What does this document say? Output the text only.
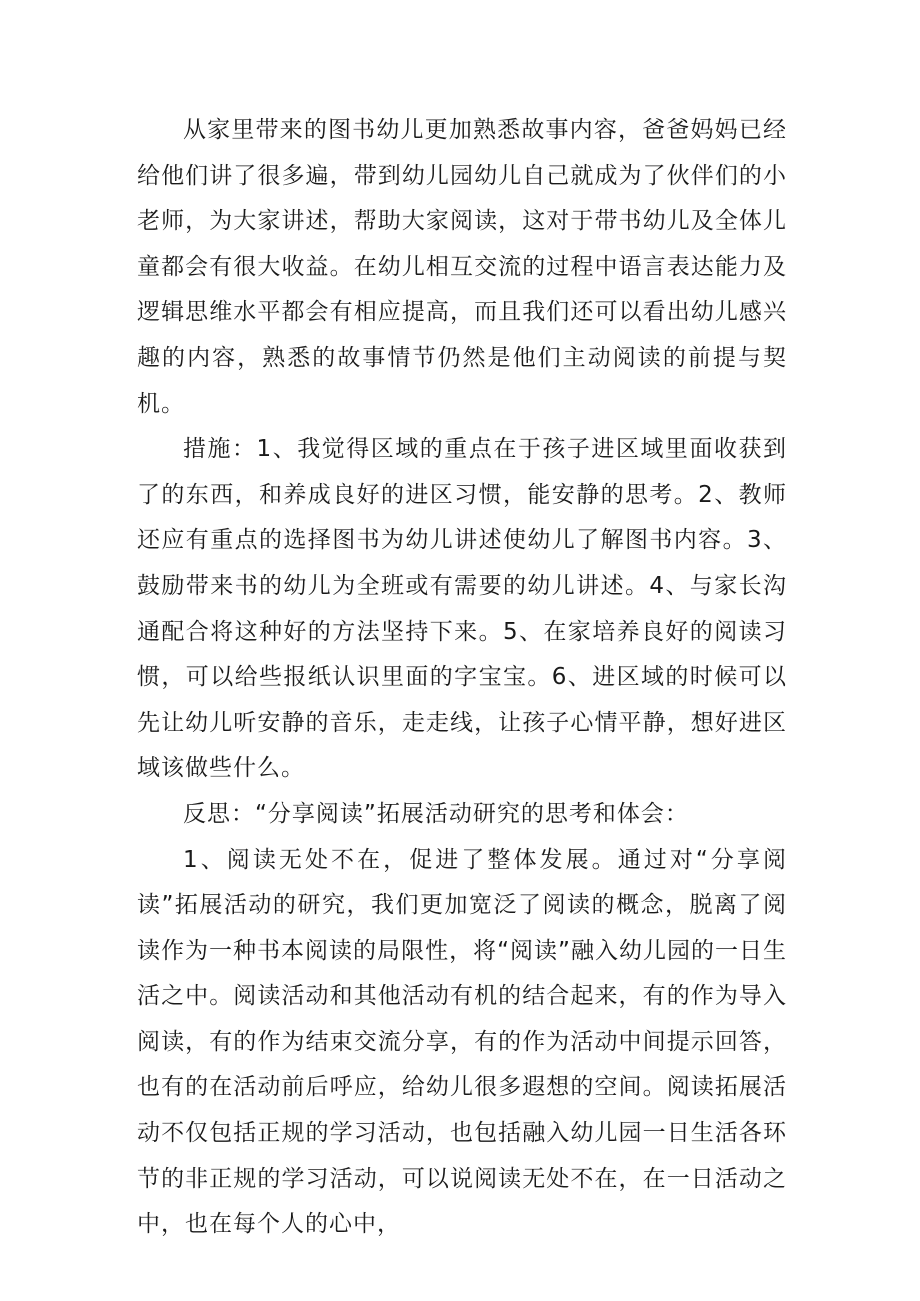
从家里带来的图书幼儿更加熟悉故事内容，爸爸妈妈已经给他们讲了很多遍，带到幼儿园幼儿自己就成为了伙伴们的小老师，为大家讲述，帮助大家阅读，这对于带书幼儿及全体儿童都会有很大收益。在幼儿相互交流的过程中语言表达能力及逻辑思维水平都会有相应提高，而且我们还可以看出幼儿感兴趣的内容，熟悉的故事情节仍然是他们主动阅读的前提与契机。

措施：1、我觉得区域的重点在于孩子进区域里面收获到了的东西，和养成良好的进区习惯，能安静的思考。2、教师还应有重点的选择图书为幼儿讲述使幼儿了解图书内容。3、鼓励带来书的幼儿为全班或有需要的幼儿讲述。4、与家长沟通配合将这种好的方法坚持下来。5、在家培养良好的阅读习惯，可以给些报纸认识里面的字宝宝。6、进区域的时候可以先让幼儿听安静的音乐，走走线，让孩子心情平静，想好进区域该做些什么。

反思：“分享阅读”拓展活动研究的思考和体会：

1、阅读无处不在，促进了整体发展。通过对“分享阅读”拓展活动的研究，我们更加宽泛了阅读的概念，脱离了阅读作为一种书本阅读的局限性，将“阅读”融入幼儿园的一日生活之中。阅读活动和其他活动有机的结合起来，有的作为导入阅读，有的作为结束交流分享，有的作为活动中间提示回答，也有的在活动前后呼应，给幼儿很多遐想的空间。阅读拓展活动不仅包括正规的学习活动，也包括融入幼儿园一日生活各环节的非正规的学习活动，可以说阅读无处不在，在一日活动之中，也在每个人的心中，
